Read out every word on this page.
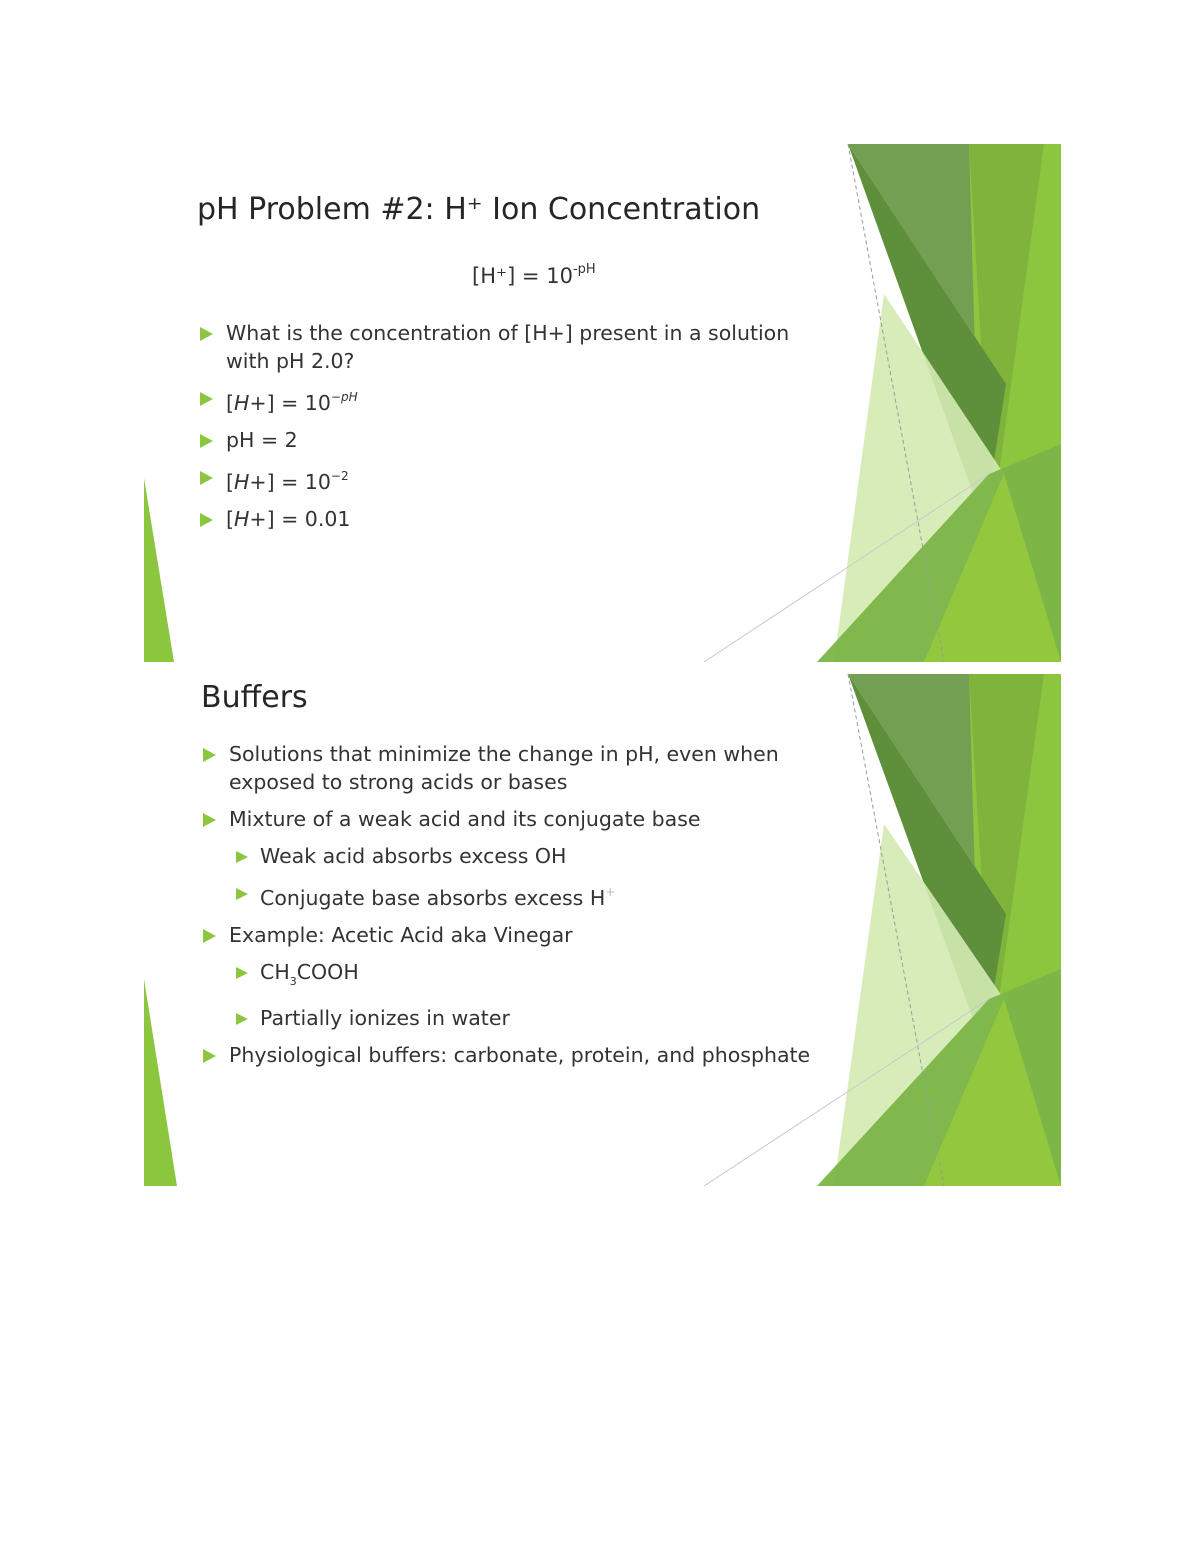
pH Problem #2: H⁺ Ion Concentration
$[H^+] = 10^{-pH}$
What is the concentration of [H+] present in a solution with pH 2.0?
$[H+] = 10^{-pH}$
pH = 2
$[H+] = 10^{-2}$
[H+] = 0.01
Buffers
Solutions that minimize the change in pH, even when exposed to strong acids or bases
Mixture of a weak acid and its conjugate base
Weak acid absorbs excess OH
Conjugate base absorbs excess H+
Example: Acetic Acid aka Vinegar
$CH_3COOH$
Partially ionizes in water
Physiological buffers: carbonate, protein, and phosphate
